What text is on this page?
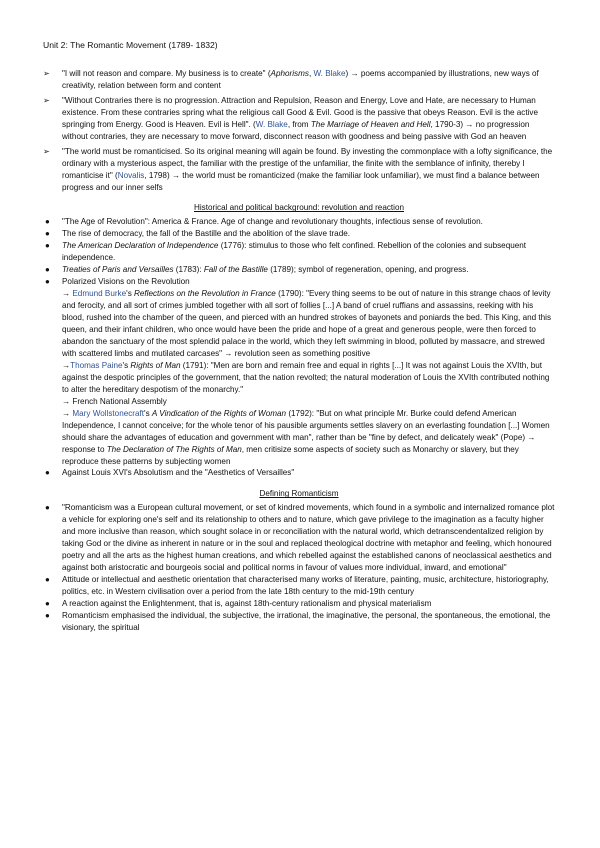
Unit 2: The Romantic Movement (1789- 1832)
➢ "I will not reason and compare. My business is to create" (Aphorisms, W. Blake) → poems accompanied by illustrations, new ways of creativity, relation between form and content
➢ "Without Contraries there is no progression. Attraction and Repulsion, Reason and Energy, Love and Hate, are necessary to Human existence. From these contraries spring what the religious call Good & Evil. Good is the passive that obeys Reason. Evil is the active springing from Energy. Good is Heaven. Evil is Hell". (W. Blake, from The Marriage of Heaven and Hell, 1790-3) → no progression without contraries, they are necessary to move forward, disconnect reason with goodness and being passive with God an heaven
➢ "The world must be romanticised. So its original meaning will again be found. By investing the commonplace with a lofty significance, the ordinary with a mysterious aspect, the familiar with the prestige of the unfamiliar, the finite with the semblance of infinity, thereby I romanticise it" (Novalis, 1798) → the world must be romanticized (make the familiar look unfamiliar), we must find a balance between progress and our inner selfs
Historical and political background: revolution and reaction
● "The Age of Revolution": America & France. Age of change and revolutionary thoughts, infectious sense of revolution.
● The rise of democracy, the fall of the Bastille and the abolition of the slave trade.
● The American Declaration of Independence (1776): stimulus to those who felt confined. Rebellion of the colonies and subsequent independence.
● Treaties of Paris and Versailles (1783): Fall of the Bastille (1789); symbol of regeneration, opening, and progress.
● Polarized Visions on the Revolution
→ Edmund Burke's Reflections on the Revolution in France (1790): "Every thing seems to be out of nature in this strange chaos of levity and ferocity, and all sort of crimes jumbled together with all sort of follies [...] A band of cruel ruffians and assassins, reeking with his blood, rushed into the chamber of the queen, and pierced with an hundred strokes of bayonets and poniards the bed. This King, and this queen, and their infant children, who once would have been the pride and hope of a great and generous people, were then forced to abandon the sanctuary of the most splendid palace in the world, which they left swimming in blood, polluted by massacre, and strewed with scattered limbs and mutilated carcases" → revolution seen as something positive
→Thomas Paine's Rights of Man (1791): "Men are born and remain free and equal in rights [...] It was not against Louis the XVIth, but against the despotic principles of the government, that the nation revolted; the natural moderation of Louis the XVIth contributed nothing to alter the hereditary despotism of the monarchy."
→ French National Assembly
→ Mary Wollstonecraft's A Vindication of the Rights of Woman (1792): "But on what principle Mr. Burke could defend American Independence, I cannot conceive; for the whole tenor of his pausible arguments settles slavery on an everlasting foundation [...] Women should share the advantages of education and government with man", rather than be "fine by defect, and delicately weak" (Pope) → response to The Declaration of The Rights of Man, men critisize some aspects of society such as Monarchy or slavery, but they reproduce these patterns by subjecting women
● Against Louis XVI's Absolutism and the "Aesthetics of Versailles"
Defining Romanticism
● "Romanticism was a European cultural movement, or set of kindred movements, which found in a symbolic and internalized romance plot a vehicle for exploring one's self and its relationship to others and to nature, which gave privilege to the imagination as a faculty higher and more inclusive than reason, which sought solace in or reconciliation with the natural world, which detranscendentalized religion by taking God or the divine as inherent in nature or in the soul and replaced theological doctrine with metaphor and feeling, which honoured poetry and all the arts as the highest human creations, and which rebelled against the established canons of neoclassical aesthetics and against both aristocratic and bourgeois social and political norms in favour of values more individual, inward, and emotional"
● Attitude or intellectual and aesthetic orientation that characterised many works of literature, painting, music, architecture, historiography, politics, etc. in Western civilisation over a period from the late 18th century to the mid-19th century
● A reaction against the Enlightenment, that is, against 18th-century rationalism and physical materialism
● Romanticism emphasised the individual, the subjective, the irrational, the imaginative, the personal, the spontaneous, the emotional, the visionary, the spiritual
